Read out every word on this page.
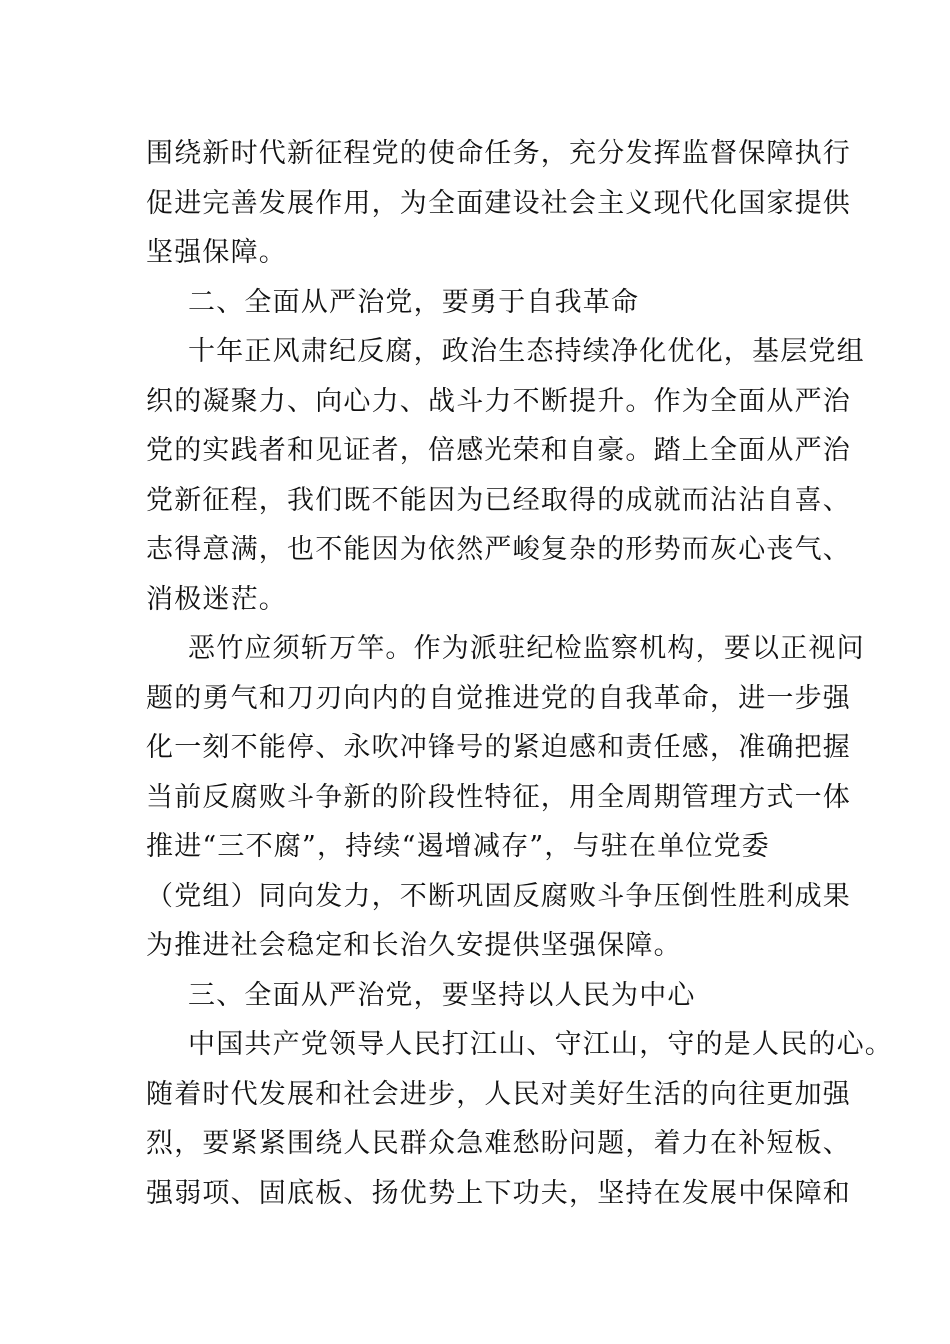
围绕新时代新征程党的使命任务，充分发挥监督保障执行
促进完善发展作用，为全面建设社会主义现代化国家提供
坚强保障。
二、全面从严治党，要勇于自我革命
十年正风肃纪反腐，政治生态持续净化优化，基层党组
织的凝聚力、向心力、战斗力不断提升。作为全面从严治
党的实践者和见证者，倍感光荣和自豪。踏上全面从严治
党新征程，我们既不能因为已经取得的成就而沾沾自喜、
志得意满，也不能因为依然严峻复杂的形势而灰心丧气、
消极迷茫。
恶竹应须斩万竿。作为派驻纪检监察机构，要以正视问
题的勇气和刀刃向内的自觉推进党的自我革命，进一步强
化一刻不能停、永吹冲锋号的紧迫感和责任感，准确把握
当前反腐败斗争新的阶段性特征，用全周期管理方式一体
推进“三不腐”，持续“遏增减存”，与驻在单位党委
（党组）同向发力，不断巩固反腐败斗争压倒性胜利成果
为推进社会稳定和长治久安提供坚强保障。
三、全面从严治党，要坚持以人民为中心
中国共产党领导人民打江山、守江山，守的是人民的心。
随着时代发展和社会进步，人民对美好生活的向往更加强
烈，要紧紧围绕人民群众急难愁盼问题，着力在补短板、
强弱项、固底板、扬优势上下功夫，坚持在发展中保障和
